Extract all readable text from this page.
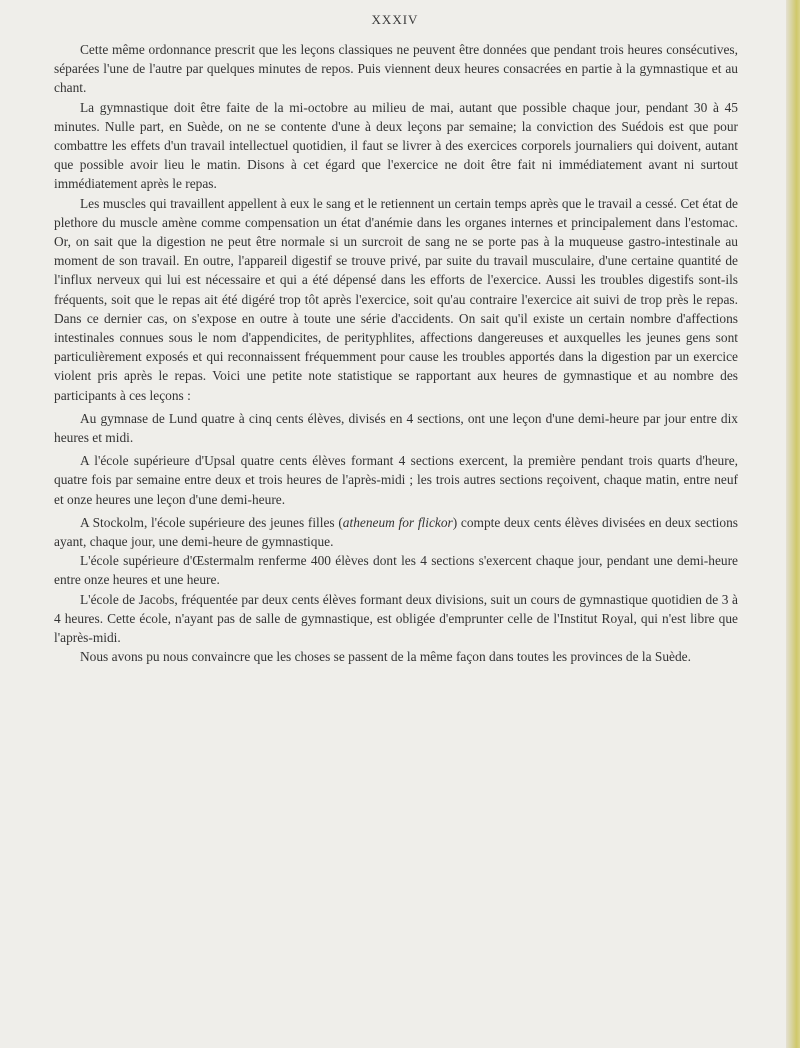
XXXIV

Cette même ordonnance prescrit que les leçons classiques ne peuvent être données que pendant trois heures consécutives, séparées l'une de l'autre par quelques minutes de repos. Puis viennent deux heures consacrées en partie à la gymnastique et au chant.

La gymnastique doit être faite de la mi-octobre au milieu de mai, autant que possible chaque jour, pendant 30 à 45 minutes. Nulle part, en Suède, on ne se contente d'une à deux leçons par semaine; la conviction des Suédois est que pour combattre les effets d'un travail intellectuel quotidien, il faut se livrer à des exercices corporels journaliers qui doivent, autant que possible avoir lieu le matin. Disons à cet égard que l'exercice ne doit être fait ni immédiatement avant ni surtout immédiatement après le repas.

Les muscles qui travaillent appellent à eux le sang et le retiennent un certain temps après que le travail a cessé. Cet état de plethore du muscle amène comme compensation un état d'anémie dans les organes internes et principalement dans l'estomac. Or, on sait que la digestion ne peut être normale si un surcroit de sang ne se porte pas à la muqueuse gastro-intestinale au moment de son travail. En outre, l'appareil digestif se trouve privé, par suite du travail musculaire, d'une certaine quantité de l'influx nerveux qui lui est nécessaire et qui a été dépensé dans les efforts de l'exercice. Aussi les troubles digestifs sont-ils fréquents, soit que le repas ait été digéré trop tôt après l'exercice, soit qu'au contraire l'exercice ait suivi de trop près le repas. Dans ce dernier cas, on s'expose en outre à toute une série d'accidents. On sait qu'il existe un certain nombre d'affections intestinales connues sous le nom d'appendicites, de perityphlites, affections dangereuses et auxquelles les jeunes gens sont particulièrement exposés et qui reconnaissent fréquemment pour cause les troubles apportés dans la digestion par un exercice violent pris après le repas. Voici une petite note statistique se rapportant aux heures de gymnastique et au nombre des participants à ces leçons :

Au gymnase de Lund quatre à cinq cents élèves, divisés en 4 sections, ont une leçon d'une demi-heure par jour entre dix heures et midi.

A l'école supérieure d'Upsal quatre cents élèves formant 4 sections exercent, la première pendant trois quarts d'heure, quatre fois par semaine entre deux et trois heures de l'après-midi ; les trois autres sections reçoivent, chaque matin, entre neuf et onze heures une leçon d'une demi-heure.

A Stockolm, l'école supérieure des jeunes filles (atheneum for flickor) compte deux cents élèves divisées en deux sections ayant, chaque jour, une demi-heure de gymnastique.

L'école supérieure d'Œstermalm renferme 400 élèves dont les 4 sections s'exercent chaque jour, pendant une demi-heure entre onze heures et une heure.

L'école de Jacobs, fréquentée par deux cents élèves formant deux divisions, suit un cours de gymnastique quotidien de 3 à 4 heures. Cette école, n'ayant pas de salle de gymnastique, est obligée d'emprunter celle de l'Institut Royal, qui n'est libre que l'après-midi.

Nous avons pu nous convaincre que les choses se passent de la même façon dans toutes les provinces de la Suède.
